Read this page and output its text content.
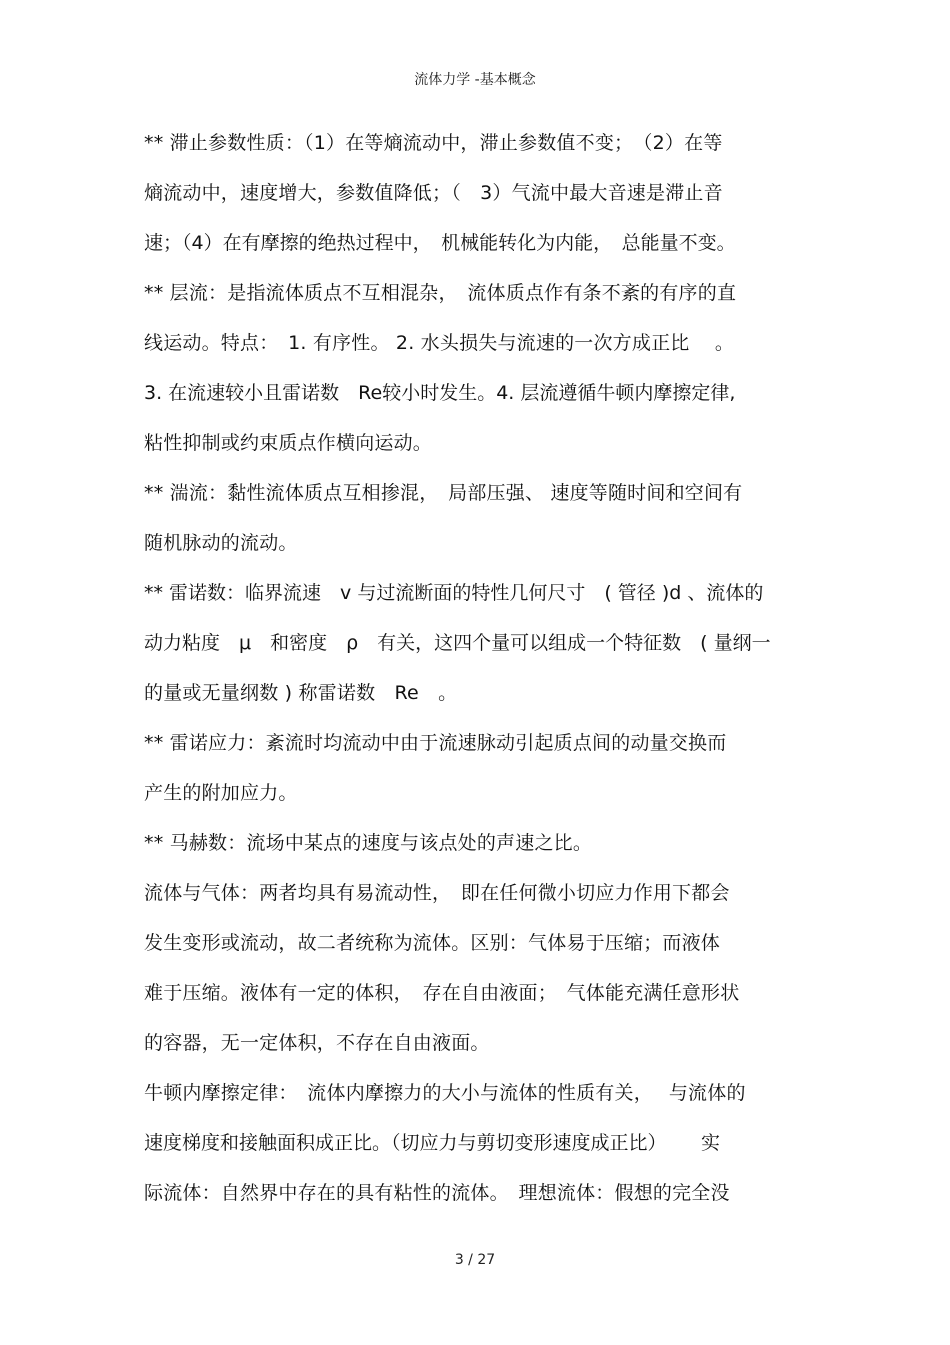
流体力学 -基本概念
** 滞止参数性质：（1）在等熵流动中，滞止参数值不变；　（2）在等
熵流动中，速度增大，参数值降低；（　3）气流中最大音速是滞止音
速；（4）在有摩擦的绝热过程中，　机械能转化为内能，　总能量不变。
** 层流：是指流体质点不互相混杂，　流体质点作有条不紊的有序的直
线运动。特点：　1. 有序性。 2. 水头损失与流速的一次方成正比　 。
3. 在流速较小且雷诺数　Re较小时发生。4. 层流遵循牛顿内摩擦定律,
粘性抑制或约束质点作横向运动。
** 湍流：黏性流体质点互相掺混，　局部压强、 速度等随时间和空间有
随机脉动的流动。
** 雷诺数：临界流速　v 与过流断面的特性几何尺寸　( 管径 )d 、流体的
动力粘度　μ　和密度　ρ　有关，这四个量可以组成一个特征数　( 量纲一
的量或无量纲数 ) 称雷诺数　Re　。
** 雷诺应力：紊流时均流动中由于流速脉动引起质点间的动量交换而
产生的附加应力。
** 马赫数：流场中某点的速度与该点处的声速之比。
流体与气体：两者均具有易流动性，　即在任何微小切应力作用下都会
发生变形或流动，故二者统称为流体。区别：气体易于压缩；而液体
难于压缩。液体有一定的体积，　存在自由液面；　气体能充满任意形状
的容器，无一定体积，不存在自由液面。
牛顿内摩擦定律：　流体内摩擦力的大小与流体的性质有关，　 与流体的
速度梯度和接触面积成正比。（切应力与剪切变形速度成正比）　　 实
际流体：自然界中存在的具有粘性的流体。　理想流体：假想的完全没
3 / 27
